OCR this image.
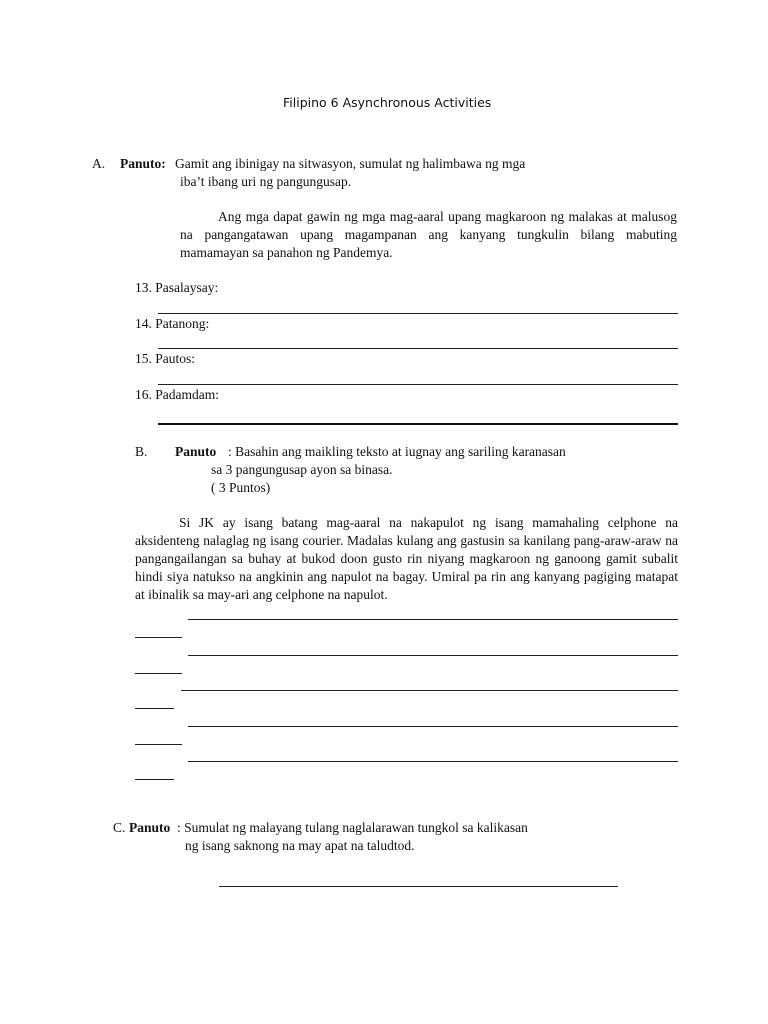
Filipino 6 Asynchronous Activities
A. Panuto: Gamit ang ibinigay na sitwasyon, sumulat ng halimbawa ng mga
iba’t ibang uri ng pangungusap.
Ang mga dapat gawin ng mga mag-aaral upang magkaroon ng malakas at malusog na pangangatawan upang magampanan ang kanyang tungkulin bilang mabuting mamamayan sa panahon ng Pandemya.
13. Pasalaysay:
14. Patanong:
15. Pautos:
16. Padamdam:
B. Panuto : Basahin ang maikling teksto at iugnay ang sariling karanasan
sa 3 pangungusap ayon sa binasa.
( 3 Puntos)
Si JK ay isang batang mag-aaral na nakapulot ng isang mamahaling celphone na aksidenteng nalaglag ng isang courier. Madalas kulang ang gastusin sa kanilang pang-araw-araw na pangangailangan sa buhay at bukod doon gusto rin niyang magkaroon ng ganoong gamit subalit hindi siya natukso na angkinin ang napulot na bagay. Umiral pa rin ang kanyang pagiging matapat at ibinalik sa may-ari ang celphone na napulot.
C. Panuto : Sumulat ng malayang tulang naglalarawan tungkol sa kalikasan
ng isang saknong na may apat na taludtod.
